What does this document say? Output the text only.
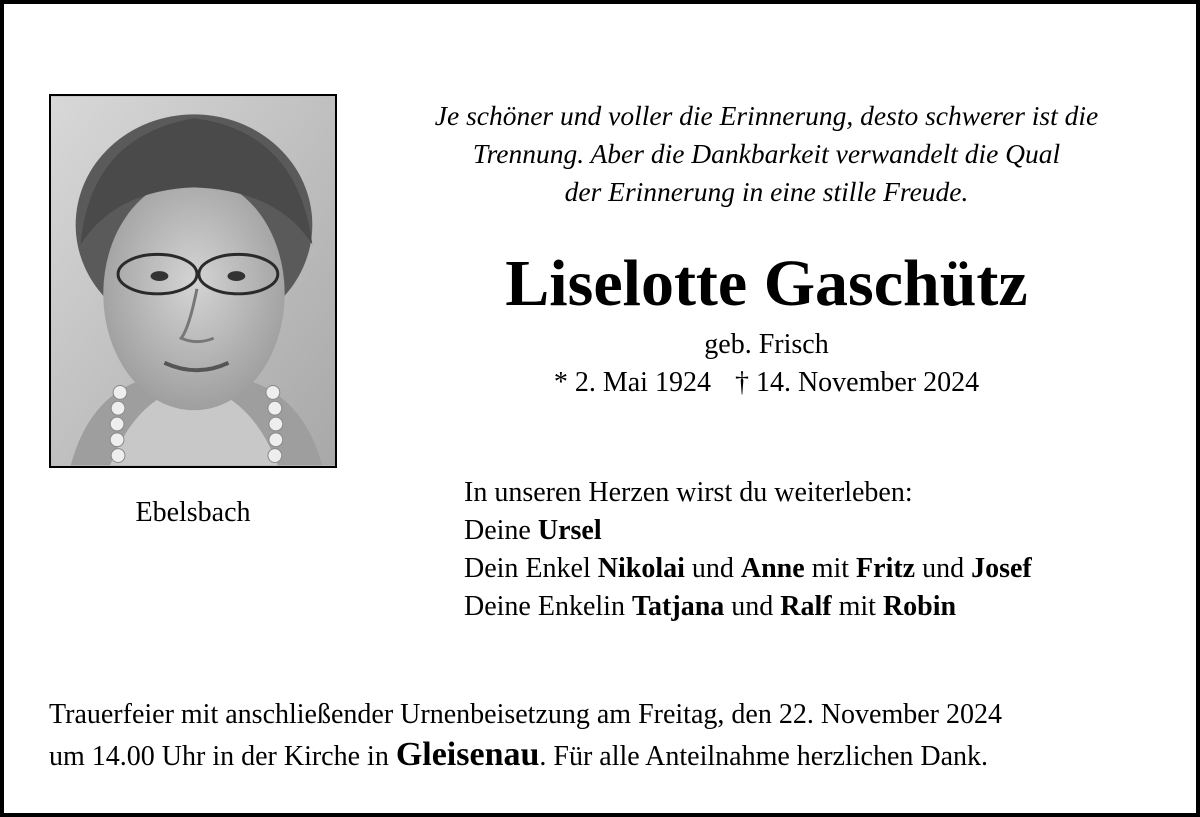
Ebelsbach
Je schöner und voller die Erinnerung, desto schwerer ist die
Trennung. Aber die Dankbarkeit verwandelt die Qual
der Erinnerung in eine stille Freude.
Liselotte Gaschütz
geb. Frisch
* 2. Mai 1924 † 14. November 2024
In unseren Herzen wirst du weiterleben:
Deine Ursel
Dein Enkel Nikolai und Anne mit Fritz und Josef
Deine Enkelin Tatjana und Ralf mit Robin
Trauerfeier mit anschließender Urnenbeisetzung am Freitag, den 22. November 2024
um 14.00 Uhr in der Kirche in Gleisenau. Für alle Anteilnahme herzlichen Dank.
